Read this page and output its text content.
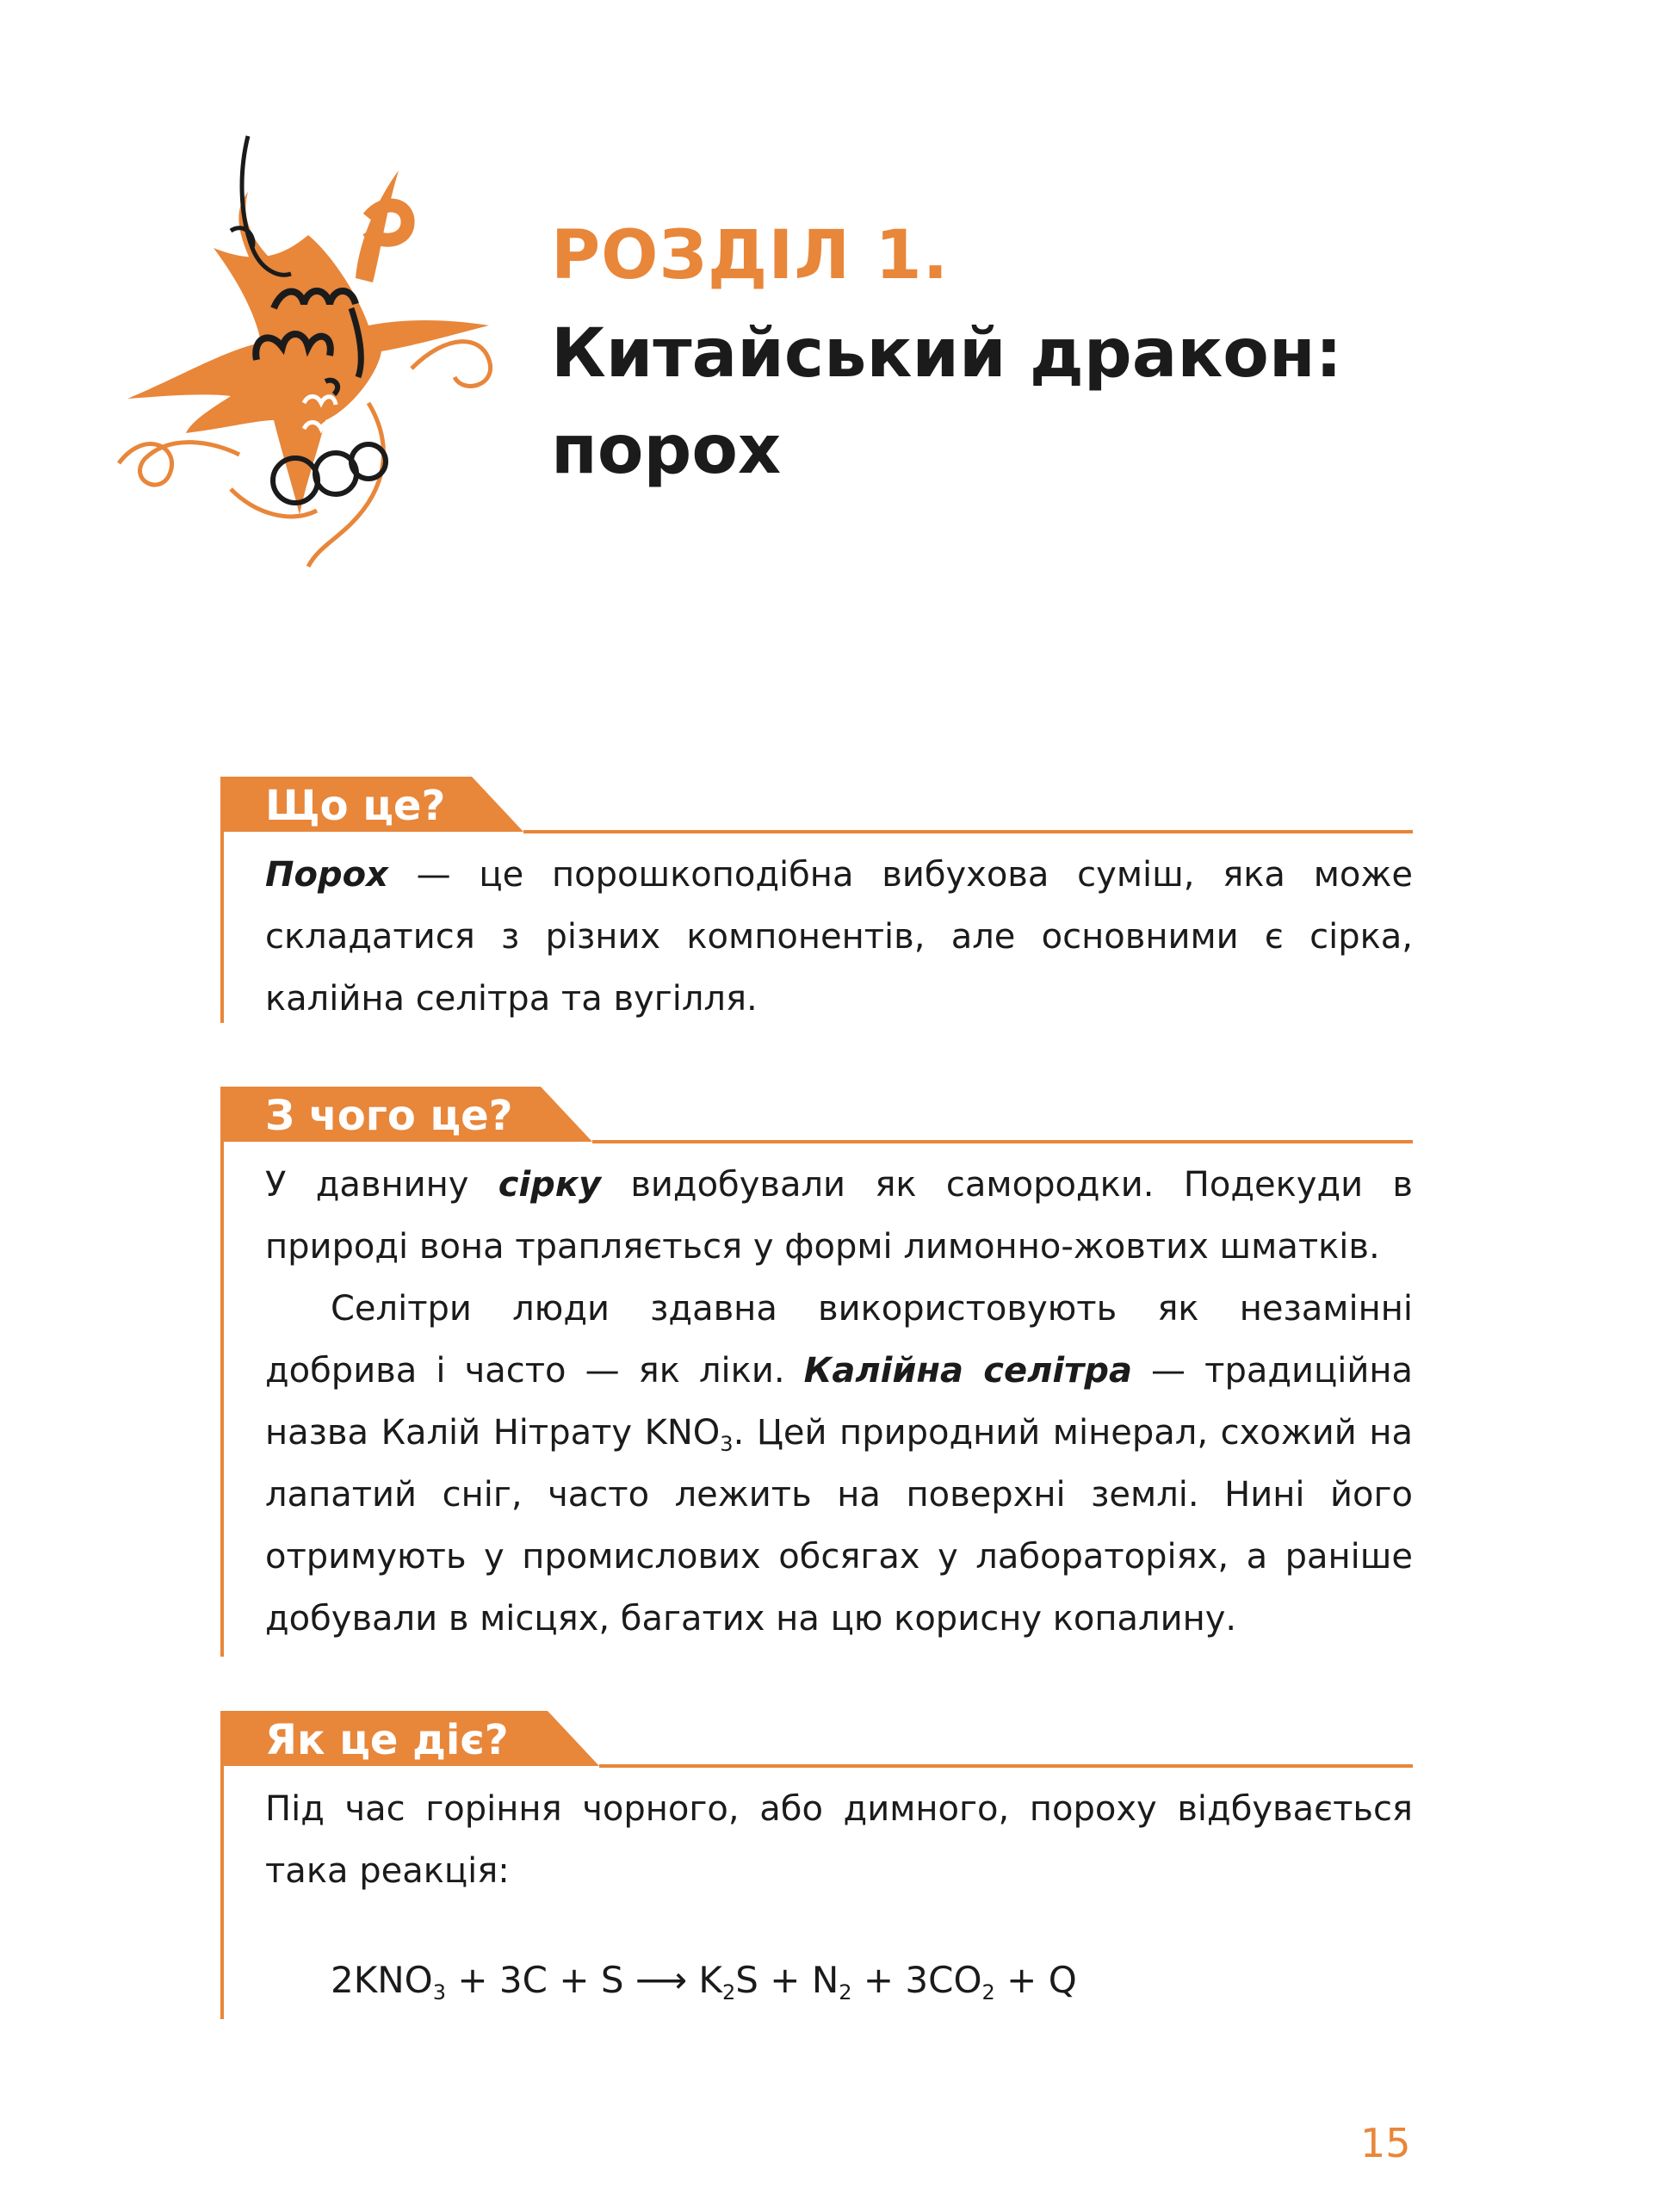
РОЗДІЛ 1.
Китайський дракон:
порох
Що це?

Порох — це порошкоподібна вибухова суміш, яка може складатися з різних компонентів, але основними є сірка, калійна селітра та вугілля.

З чого це?

У давнину сірку видобували як самородки. Подекуди в природі вона трапляється у формі лимонно-жовтих шматків.

Селітри люди здавна використовують як незамінні добрива і часто — як ліки. Калійна селітра — традиційна назва Калій Нітрату $KNO_3$. Цей природний мінерал, схожий на лапатий сніг, часто лежить на поверхні землі. Нині його отримують у промислових обсягах у лабораторіях, а раніше добували в місцях, багатих на цю корисну копалину.

Як це діє?

Під час горіння чорного, або димного, пороху відбувається така реакція:

$2KNO_3 + 3C + S$ ⟶ $K_2S + N_2 + 3CO_2 + Q$
15
